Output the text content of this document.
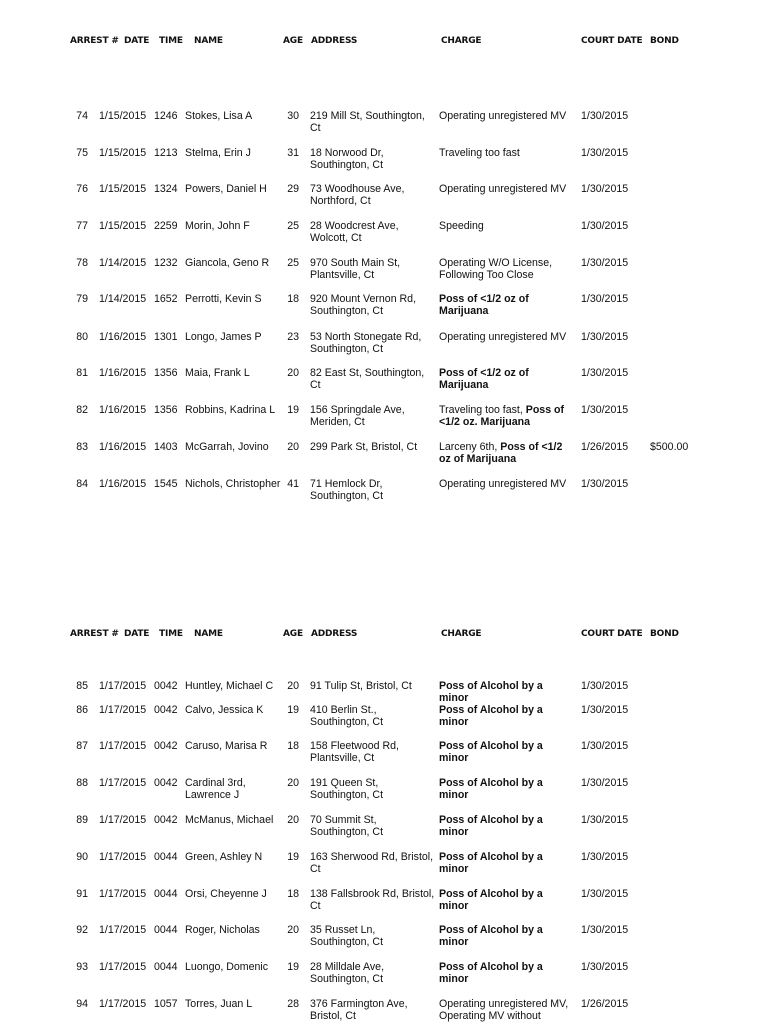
ARREST # DATE TIME NAME	AGE ADDRESS	CHARGE	COURT DATE BOND
74 1/15/2015 1246 Stokes, Lisa A	30 219 Mill St, Southington, Ct
Operating unregistered MV	1/30/2015
75 1/15/2015 1213 Stelma, Erin J	31 18 Norwood Dr, Southington, Ct
Traveling too fast	1/30/2015
76 1/15/2015 1324 Powers, Daniel H	29 73 Woodhouse Ave, Northford, Ct
Operating unregistered MV	1/30/2015
77 1/15/2015 2259 Morin, John F	25 28 Woodcrest Ave, Wolcott, Ct
Speeding	1/30/2015
78 1/14/2015 1232 Giancola, Geno R	25 970 South Main St, Plantsville, Ct
Operating W/O License, Following Too Close
1/30/2015
79 1/14/2015 1652 Perrotti, Kevin S	18 920 Mount Vernon Rd, Southington, Ct
Poss of <1/2 oz of Marijuana
1/30/2015
80 1/16/2015 1301 Longo, James P	23 53 North Stonegate Rd, Southington, Ct
Operating unregistered MV	1/30/2015
81 1/16/2015 1356 Maia, Frank L	20 82 East St, Southington, Ct
Poss of <1/2 oz of Marijuana
1/30/2015
82 1/16/2015 1356 Robbins, Kadrina L	19 156 Springdale Ave, Meriden, Ct
Traveling too fast, Poss of <1/2 oz. Marijuana
1/30/2015
83 1/16/2015 1403 McGarrah, Jovino	20 299 Park St, Bristol, Ct	Larceny 6th, Poss of <1/2 oz of Marijuana
1/26/2015 $500.00
84 1/16/2015 1545 Nichols, Christopher 41 71 Hemlock Dr, Southington, Ct
Operating unregistered MV	1/30/2015
ARREST # DATE TIME NAME	AGE ADDRESS	CHARGE	COURT DATE BOND
85 1/17/2015 0042 Huntley, Michael C	20 91 Tulip St, Bristol, Ct	Poss of Alcohol by a minor
1/30/2015
86 1/17/2015 0042 Calvo, Jessica K	19 410 Berlin St., Southington, Ct
Poss of Alcohol by a minor
1/30/2015
87 1/17/2015 0042 Caruso, Marisa R	18 158 Fleetwood Rd, Plantsville, Ct
Poss of Alcohol by a minor
1/30/2015
88 1/17/2015 0042 Cardinal 3rd, Lawrence J
20 191 Queen St, Southington, Ct
Poss of Alcohol by a minor
1/30/2015
89 1/17/2015 0042 McManus, Michael	20 70 Summit St, Southington, Ct
Poss of Alcohol by a minor
1/30/2015
90 1/17/2015 0044 Green, Ashley N	19 163 Sherwood Rd, Bristol, Ct
Poss of Alcohol by a minor
1/30/2015
91 1/17/2015 0044 Orsi, Cheyenne J	18 138 Fallsbrook Rd, Bristol, Ct
Poss of Alcohol by a minor
1/30/2015
92 1/17/2015 0044 Roger, Nicholas	20 35 Russet Ln, Southington, Ct
Poss of Alcohol by a minor
1/30/2015
93 1/17/2015 0044 Luongo, Domenic	19 28 Milldale Ave, Southington, Ct
Poss of Alcohol by a minor
1/30/2015
94 1/17/2015 1057 Torres, Juan L	28 376 Farmington Ave, Bristol, Ct
Operating unregistered MV, Operating MV without
1/26/2015
